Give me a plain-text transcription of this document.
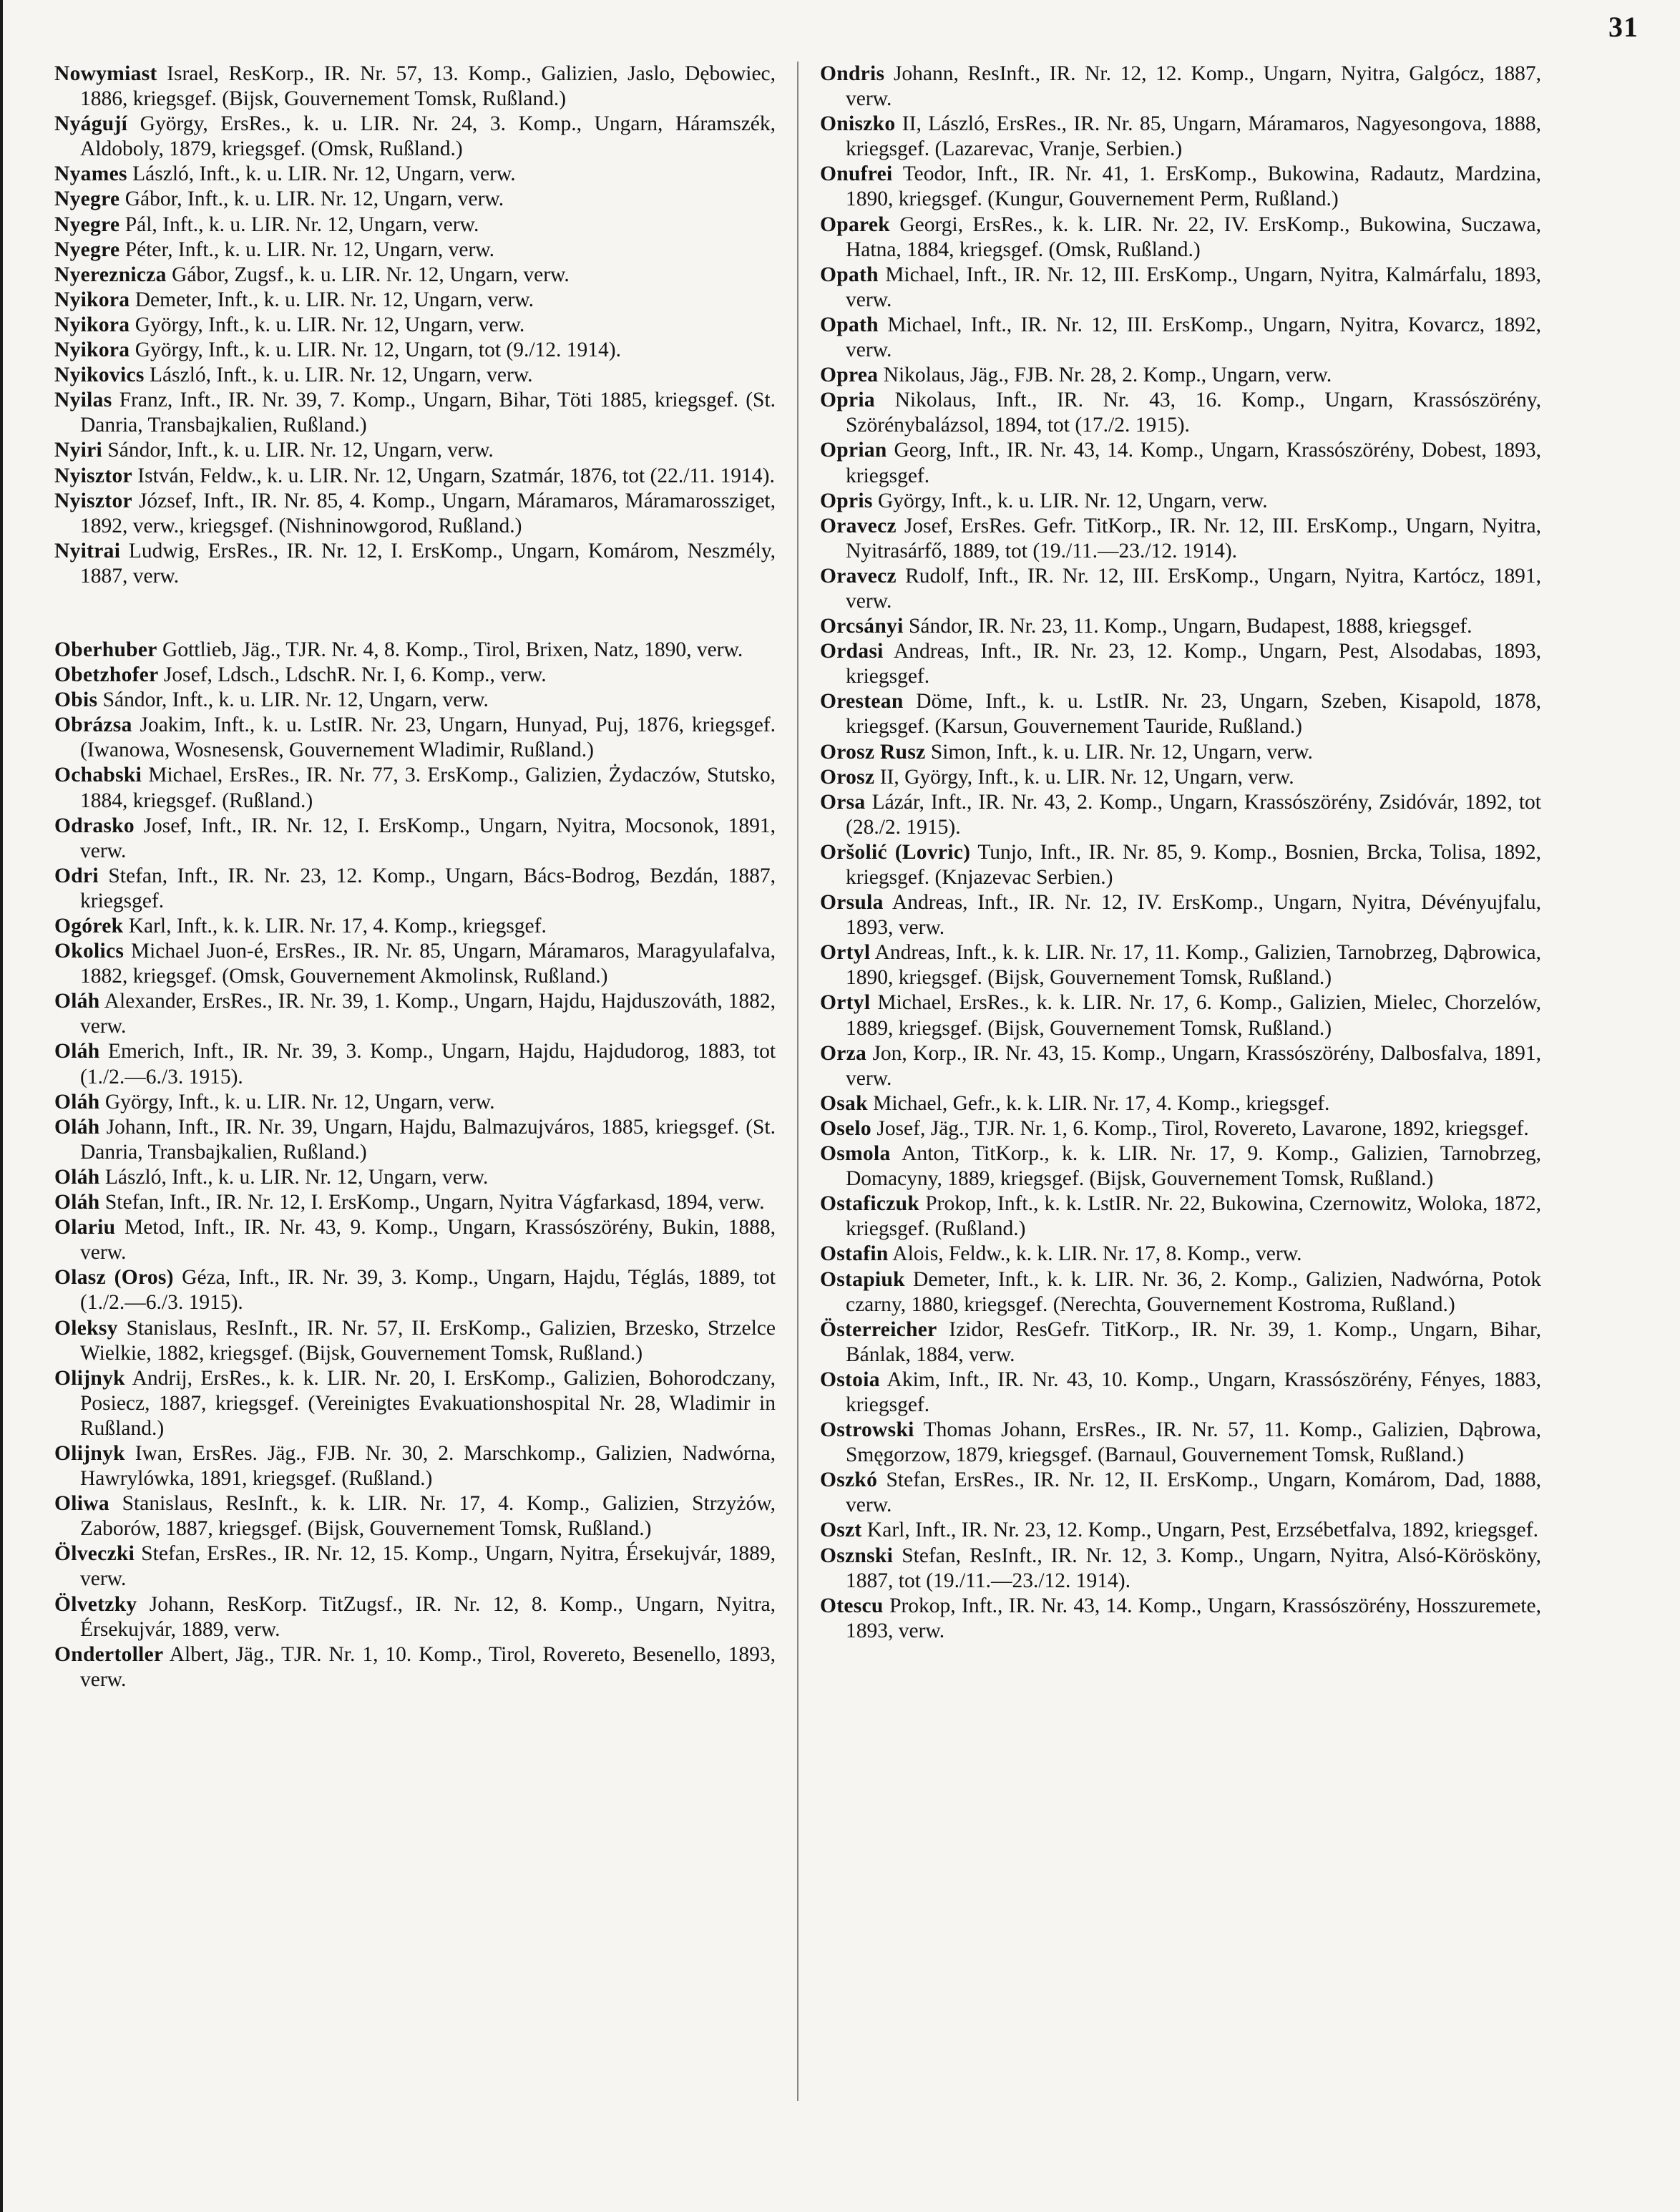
31

Nowymiast Israel, ResKorp., IR. Nr. 57, 13. Komp., Galizien, Jaslo, Dębowiec, 1886, kriegsgef. (Bijsk, Gouvernement Tomsk, Rußland.)

Nyágují György, ErsRes., k. u. LIR. Nr. 24, 3. Komp., Ungarn, Háramszék, Aldoboly, 1879, kriegsgef. (Omsk, Rußland.)

Nyames László, Inft., k. u. LIR. Nr. 12, Ungarn, verw.

Nyegre Gábor, Inft., k. u. LIR. Nr. 12, Ungarn, verw.

Nyegre Pál, Inft., k. u. LIR. Nr. 12, Ungarn, verw.

Nyegre Péter, Inft., k. u. LIR. Nr. 12, Ungarn, verw.

Nyereznicza Gábor, Zugsf., k. u. LIR. Nr. 12, Ungarn, verw.

Nyikora Demeter, Inft., k. u. LIR. Nr. 12, Ungarn, verw.

Nyikora György, Inft., k. u. LIR. Nr. 12, Ungarn, verw.

Nyikora György, Inft., k. u. LIR. Nr. 12, Ungarn, tot (9./12. 1914).

Nyikovics László, Inft., k. u. LIR. Nr. 12, Ungarn, verw.

Nyilas Franz, Inft., IR. Nr. 39, 7. Komp., Ungarn, Bihar, Töti 1885, kriegsgef. (St. Danria, Transbajkalien, Rußland.)

Nyiri Sándor, Inft., k. u. LIR. Nr. 12, Ungarn, verw.

Nyisztor István, Feldw., k. u. LIR. Nr. 12, Ungarn, Szatmár, 1876, tot (22./11. 1914).

Nyisztor József, Inft., IR. Nr. 85, 4. Komp., Ungarn, Máramaros, Máramarossziget, 1892, verw., kriegsgef. (Nishninowgorod, Rußland.)

Nyitrai Ludwig, ErsRes., IR. Nr. 12, I. ErsKomp., Ungarn, Komárom, Neszmély, 1887, verw.

Oberhuber Gottlieb, Jäg., TJR. Nr. 4, 8. Komp., Tirol, Brixen, Natz, 1890, verw.

Obetzhofer Josef, Ldsch., LdschR. Nr. I, 6. Komp., verw.

Obis Sándor, Inft., k. u. LIR. Nr. 12, Ungarn, verw.

Obrázsa Joakim, Inft., k. u. LstIR. Nr. 23, Ungarn, Hunyad, Puj, 1876, kriegsgef. (Iwanowa, Wosnesensk, Gouvernement Wladimir, Rußland.)

Ochabski Michael, ErsRes., IR. Nr. 77, 3. ErsKomp., Galizien, Żydaczów, Stutsko, 1884, kriegsgef. (Rußland.)

Odrasko Josef, Inft., IR. Nr. 12, I. ErsKomp., Ungarn, Nyitra, Mocsonok, 1891, verw.

Odri Stefan, Inft., IR. Nr. 23, 12. Komp., Ungarn, Bács-Bodrog, Bezdán, 1887, kriegsgef.

Ogórek Karl, Inft., k. k. LIR. Nr. 17, 4. Komp., kriegsgef.

Okolics Michael Juon-é, ErsRes., IR. Nr. 85, Ungarn, Máramaros, Maragyulafalva, 1882, kriegsgef. (Omsk, Gouvernement Akmolinsk, Rußland.)

Oláh Alexander, ErsRes., IR. Nr. 39, 1. Komp., Ungarn, Hajdu, Hajduszováth, 1882, verw.

Oláh Emerich, Inft., IR. Nr. 39, 3. Komp., Ungarn, Hajdu, Hajdudorog, 1883, tot (1./2.—6./3. 1915).

Oláh György, Inft., k. u. LIR. Nr. 12, Ungarn, verw.

Oláh Johann, Inft., IR. Nr. 39, Ungarn, Hajdu, Balmazujváros, 1885, kriegsgef. (St. Danria, Transbajkalien, Rußland.)

Oláh László, Inft., k. u. LIR. Nr. 12, Ungarn, verw.

Oláh Stefan, Inft., IR. Nr. 12, I. ErsKomp., Ungarn, Nyitra Vágfarkasd, 1894, verw.

Olariu Metod, Inft., IR. Nr. 43, 9. Komp., Ungarn, Krassószörény, Bukin, 1888, verw.

Olasz (Oros) Géza, Inft., IR. Nr. 39, 3. Komp., Ungarn, Hajdu, Téglás, 1889, tot (1./2.—6./3. 1915).

Oleksy Stanislaus, ResInft., IR. Nr. 57, II. ErsKomp., Galizien, Brzesko, Strzelce Wielkie, 1882, kriegsgef. (Bijsk, Gouvernement Tomsk, Rußland.)

Olijnyk Andrij, ErsRes., k. k. LIR. Nr. 20, I. ErsKomp., Galizien, Bohorodczany, Posiecz, 1887, kriegsgef. (Vereinigtes Evakuationshospital Nr. 28, Wladimir in Rußland.)

Olijnyk Iwan, ErsRes. Jäg., FJB. Nr. 30, 2. Marschkomp., Galizien, Nadwórna, Hawrylówka, 1891, kriegsgef. (Rußland.)

Oliwa Stanislaus, ResInft., k. k. LIR. Nr. 17, 4. Komp., Galizien, Strzyżów, Zaborów, 1887, kriegsgef. (Bijsk, Gouvernement Tomsk, Rußland.)

Ölveczki Stefan, ErsRes., IR. Nr. 12, 15. Komp., Ungarn, Nyitra, Érsekujvár, 1889, verw.

Ölvetzky Johann, ResKorp. TitZugsf., IR. Nr. 12, 8. Komp., Ungarn, Nyitra, Érsekujvár, 1889, verw.

Ondertoller Albert, Jäg., TJR. Nr. 1, 10. Komp., Tirol, Rovereto, Besenello, 1893, verw.

Ondris Johann, ResInft., IR. Nr. 12, 12. Komp., Ungarn, Nyitra, Galgócz, 1887, verw.

Oniszko II, László, ErsRes., IR. Nr. 85, Ungarn, Máramaros, Nagyesongova, 1888, kriegsgef. (Lazarevac, Vranje, Serbien.)

Onufrei Teodor, Inft., IR. Nr. 41, 1. ErsKomp., Bukowina, Radautz, Mardzina, 1890, kriegsgef. (Kungur, Gouvernement Perm, Rußland.)

Oparek Georgi, ErsRes., k. k. LIR. Nr. 22, IV. ErsKomp., Bukowina, Suczawa, Hatna, 1884, kriegsgef. (Omsk, Rußland.)

Opath Michael, Inft., IR. Nr. 12, III. ErsKomp., Ungarn, Nyitra, Kalmárfalu, 1893, verw.

Opath Michael, Inft., IR. Nr. 12, III. ErsKomp., Ungarn, Nyitra, Kovarcz, 1892, verw.

Oprea Nikolaus, Jäg., FJB. Nr. 28, 2. Komp., Ungarn, verw.

Opria Nikolaus, Inft., IR. Nr. 43, 16. Komp., Ungarn, Krassószörény, Szörénybalázsol, 1894, tot (17./2. 1915).

Oprian Georg, Inft., IR. Nr. 43, 14. Komp., Ungarn, Krassószörény, Dobest, 1893, kriegsgef.

Opris György, Inft., k. u. LIR. Nr. 12, Ungarn, verw.

Oravecz Josef, ErsRes. Gefr. TitKorp., IR. Nr. 12, III. ErsKomp., Ungarn, Nyitra, Nyitrasárfő, 1889, tot (19./11.—23./12. 1914).

Oravecz Rudolf, Inft., IR. Nr. 12, III. ErsKomp., Ungarn, Nyitra, Kartócz, 1891, verw.

Orcsányi Sándor, IR. Nr. 23, 11. Komp., Ungarn, Budapest, 1888, kriegsgef.

Ordasi Andreas, Inft., IR. Nr. 23, 12. Komp., Ungarn, Pest, Alsodabas, 1893, kriegsgef.

Orestean Döme, Inft., k. u. LstIR. Nr. 23, Ungarn, Szeben, Kisapold, 1878, kriegsgef. (Karsun, Gouvernement Tauride, Rußland.)

Orosz Rusz Simon, Inft., k. u. LIR. Nr. 12, Ungarn, verw.

Orosz II, György, Inft., k. u. LIR. Nr. 12, Ungarn, verw.

Orsa Lázár, Inft., IR. Nr. 43, 2. Komp., Ungarn, Krassószörény, Zsidóvár, 1892, tot (28./2. 1915).

Oršolić (Lovric) Tunjo, Inft., IR. Nr. 85, 9. Komp., Bosnien, Brcka, Tolisa, 1892, kriegsgef. (Knjazevac Serbien.)

Orsula Andreas, Inft., IR. Nr. 12, IV. ErsKomp., Ungarn, Nyitra, Dévényujfalu, 1893, verw.

Ortyl Andreas, Inft., k. k. LIR. Nr. 17, 11. Komp., Galizien, Tarnobrzeg, Dąbrowica, 1890, kriegsgef. (Bijsk, Gouvernement Tomsk, Rußland.)

Ortyl Michael, ErsRes., k. k. LIR. Nr. 17, 6. Komp., Galizien, Mielec, Chorzelów, 1889, kriegsgef. (Bijsk, Gouvernement Tomsk, Rußland.)

Orza Jon, Korp., IR. Nr. 43, 15. Komp., Ungarn, Krassószörény, Dalbosfalva, 1891, verw.

Osak Michael, Gefr., k. k. LIR. Nr. 17, 4. Komp., kriegsgef.

Oselo Josef, Jäg., TJR. Nr. 1, 6. Komp., Tirol, Rovereto, Lavarone, 1892, kriegsgef.

Osmola Anton, TitKorp., k. k. LIR. Nr. 17, 9. Komp., Galizien, Tarnobrzeg, Domacyny, 1889, kriegsgef. (Bijsk, Gouvernement Tomsk, Rußland.)

Ostaficzuk Prokop, Inft., k. k. LstIR. Nr. 22, Bukowina, Czernowitz, Woloka, 1872, kriegsgef. (Rußland.)

Ostafin Alois, Feldw., k. k. LIR. Nr. 17, 8. Komp., verw.

Ostapiuk Demeter, Inft., k. k. LIR. Nr. 36, 2. Komp., Galizien, Nadwórna, Potok czarny, 1880, kriegsgef. (Nerechta, Gouvernement Kostroma, Rußland.)

Österreicher Izidor, ResGefr. TitKorp., IR. Nr. 39, 1. Komp., Ungarn, Bihar, Bánlak, 1884, verw.

Ostoia Akim, Inft., IR. Nr. 43, 10. Komp., Ungarn, Krassószörény, Fényes, 1883, kriegsgef.

Ostrowski Thomas Johann, ErsRes., IR. Nr. 57, 11. Komp., Galizien, Dąbrowa, Smęgorzow, 1879, kriegsgef. (Barnaul, Gouvernement Tomsk, Rußland.)

Oszkó Stefan, ErsRes., IR. Nr. 12, II. ErsKomp., Ungarn, Komárom, Dad, 1888, verw.

Oszt Karl, Inft., IR. Nr. 23, 12. Komp., Ungarn, Pest, Erzsébetfalva, 1892, kriegsgef.

Osznski Stefan, ResInft., IR. Nr. 12, 3. Komp., Ungarn, Nyitra, Alsó-Körösköny, 1887, tot (19./11.—23./12. 1914).

Otescu Prokop, Inft., IR. Nr. 43, 14. Komp., Ungarn, Krassószörény, Hosszuremete, 1893, verw.
